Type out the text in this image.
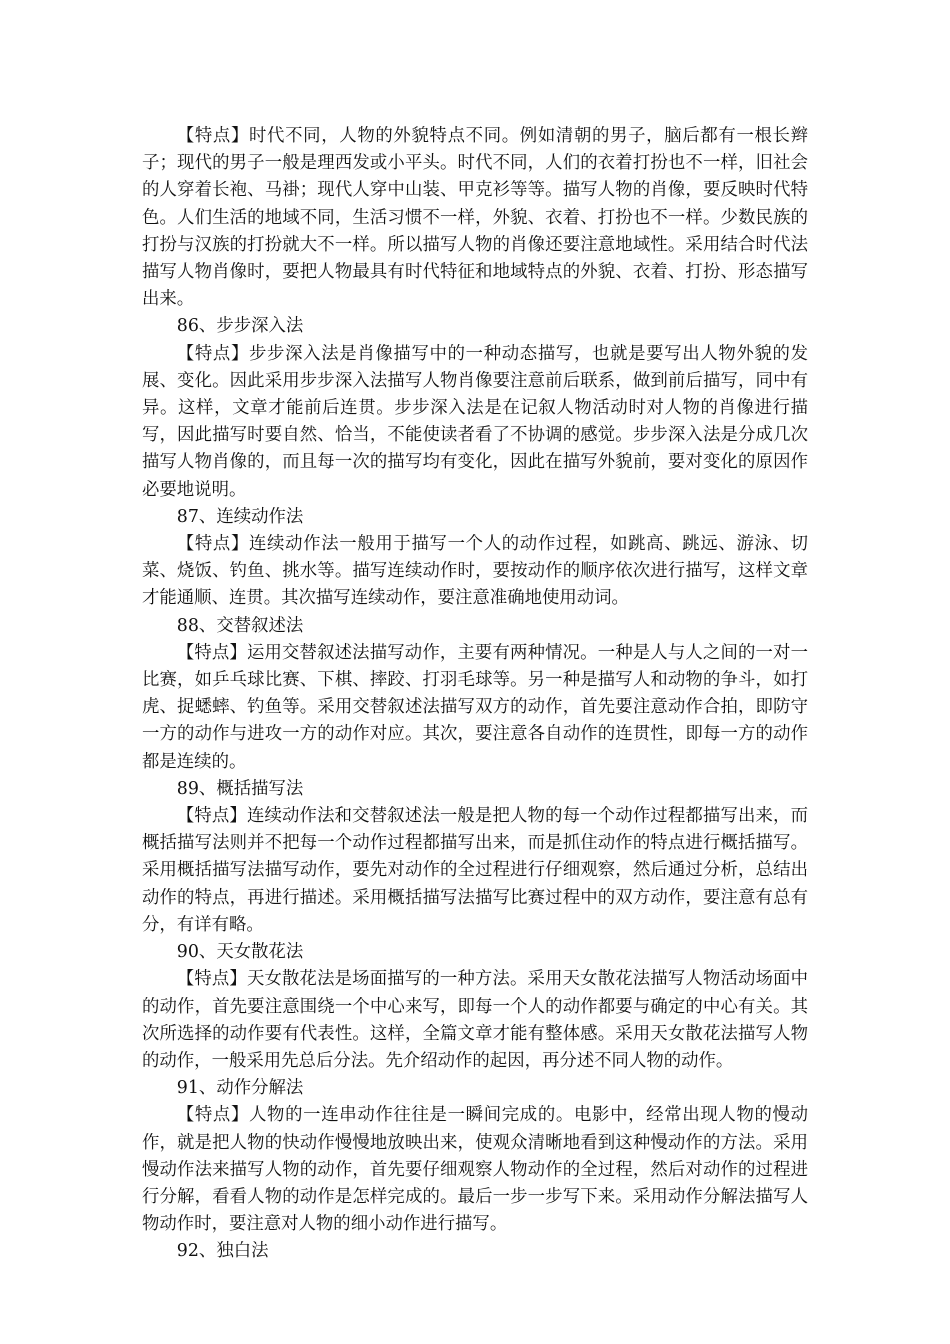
【特点】时代不同，人物的外貌特点不同。例如清朝的男子，脑后都有一根长辫子；现代的男子一般是理西发或小平头。时代不同，人们的衣着打扮也不一样，旧社会的人穿着长袍、马褂；现代人穿中山装、甲克衫等等。描写人物的肖像，要反映时代特色。人们生活的地域不同，生活习惯不一样，外貌、衣着、打扮也不一样。少数民族的打扮与汉族的打扮就大不一样。所以描写人物的肖像还要注意地域性。采用结合时代法描写人物肖像时，要把人物最具有时代特征和地域特点的外貌、衣着、打扮、形态描写出来。

86、步步深入法

【特点】步步深入法是肖像描写中的一种动态描写，也就是要写出人物外貌的发展、变化。因此采用步步深入法描写人物肖像要注意前后联系，做到前后描写，同中有异。这样，文章才能前后连贯。步步深入法是在记叙人物活动时对人物的肖像进行描写，因此描写时要自然、恰当，不能使读者看了不协调的感觉。步步深入法是分成几次描写人物肖像的，而且每一次的描写均有变化，因此在描写外貌前，要对变化的原因作必要地说明。

87、连续动作法

【特点】连续动作法一般用于描写一个人的动作过程，如跳高、跳远、游泳、切菜、烧饭、钓鱼、挑水等。描写连续动作时，要按动作的顺序依次进行描写，这样文章才能通顺、连贯。其次描写连续动作，要注意准确地使用动词。

88、交替叙述法

【特点】运用交替叙述法描写动作，主要有两种情况。一种是人与人之间的一对一比赛，如乒乓球比赛、下棋、摔跤、打羽毛球等。另一种是描写人和动物的争斗，如打虎、捉蟋蟀、钓鱼等。采用交替叙述法描写双方的动作，首先要注意动作合拍，即防守一方的动作与进攻一方的动作对应。其次，要注意各自动作的连贯性，即每一方的动作都是连续的。

89、概括描写法

【特点】连续动作法和交替叙述法一般是把人物的每一个动作过程都描写出来，而概括描写法则并不把每一个动作过程都描写出来，而是抓住动作的特点进行概括描写。采用概括描写法描写动作，要先对动作的全过程进行仔细观察，然后通过分析，总结出动作的特点，再进行描述。采用概括描写法描写比赛过程中的双方动作，要注意有总有分，有详有略。

90、天女散花法

【特点】天女散花法是场面描写的一种方法。采用天女散花法描写人物活动场面中的动作，首先要注意围绕一个中心来写，即每一个人的动作都要与确定的中心有关。其次所选择的动作要有代表性。这样，全篇文章才能有整体感。采用天女散花法描写人物的动作，一般采用先总后分法。先介绍动作的起因，再分述不同人物的动作。

91、动作分解法

【特点】人物的一连串动作往往是一瞬间完成的。电影中，经常出现人物的慢动作，就是把人物的快动作慢慢地放映出来，使观众清晰地看到这种慢动作的方法。采用慢动作法来描写人物的动作，首先要仔细观察人物动作的全过程，然后对动作的过程进行分解，看看人物的动作是怎样完成的。最后一步一步写下来。采用动作分解法描写人物动作时，要注意对人物的细小动作进行描写。

92、独白法
